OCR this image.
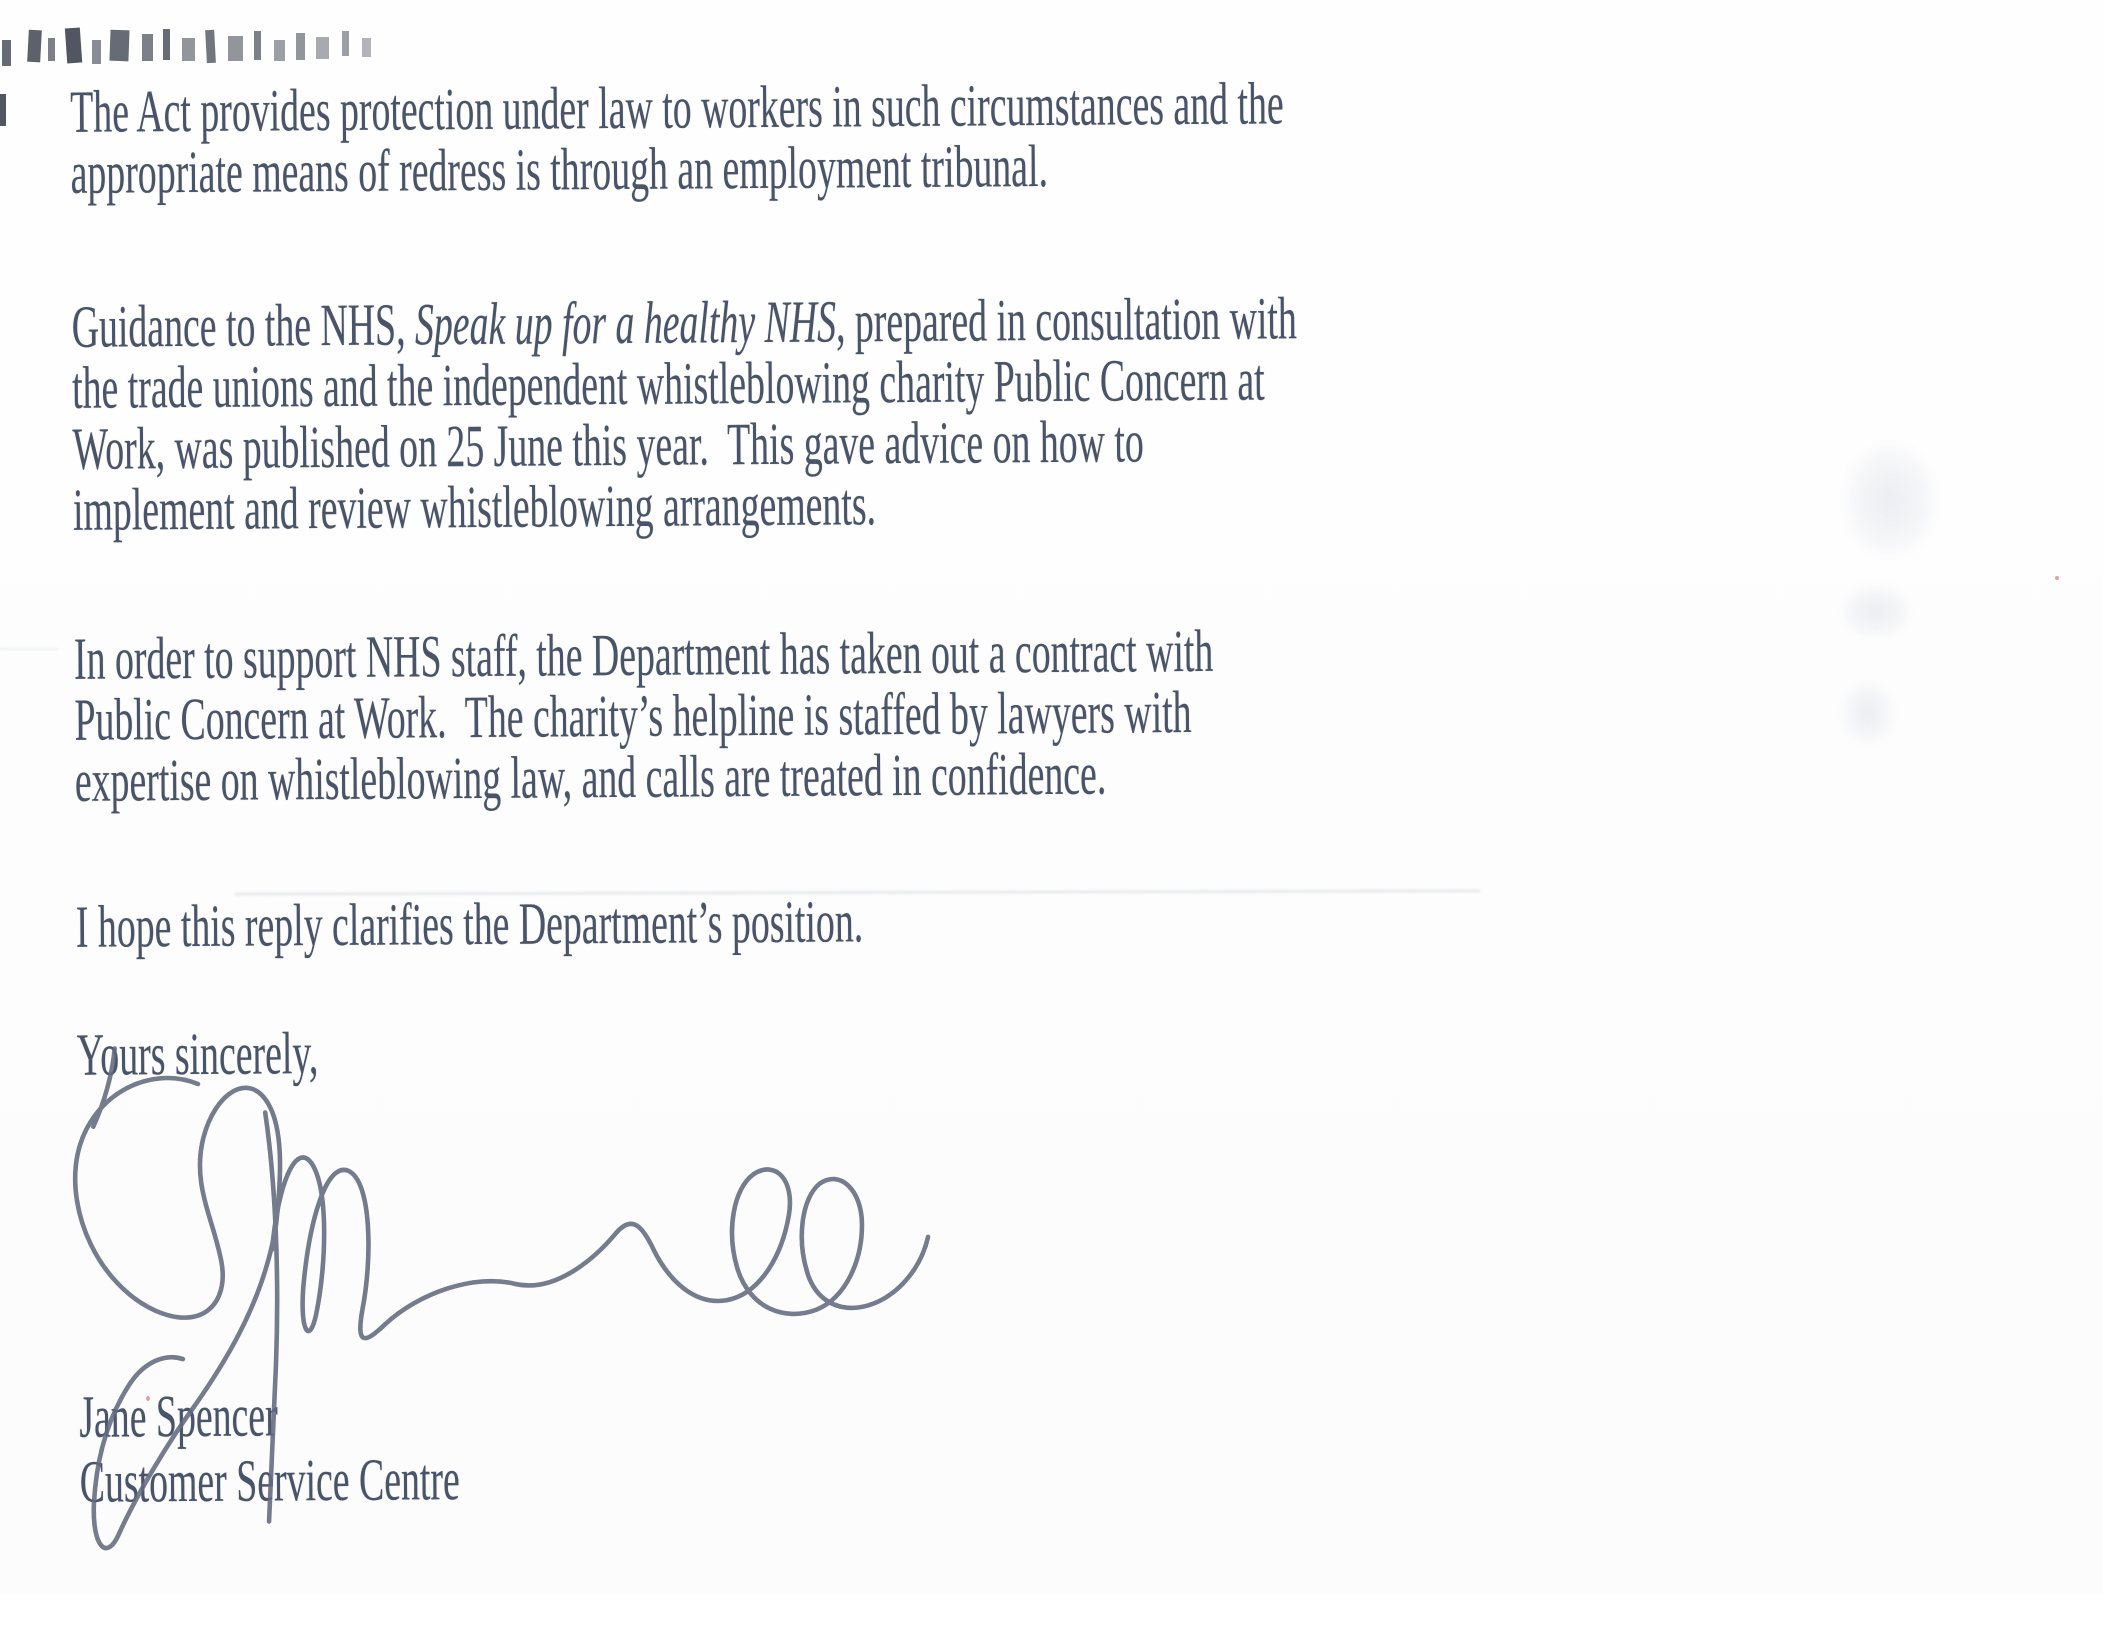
The Act provides protection under law to workers in such circumstances and the
appropriate means of redress is through an employment tribunal.
Guidance to the NHS, Speak up for a healthy NHS, prepared in consultation with
the trade unions and the independent whistleblowing charity Public Concern at
Work, was published on 25 June this year.  This gave advice on how to
implement and review whistleblowing arrangements.
In order to support NHS staff, the Department has taken out a contract with
Public Concern at Work.  The charity’s helpline is staffed by lawyers with
expertise on whistleblowing law, and calls are treated in confidence.
I hope this reply clarifies the Department’s position.
Yours sincerely,
Jane Spencer
Customer Service Centre
